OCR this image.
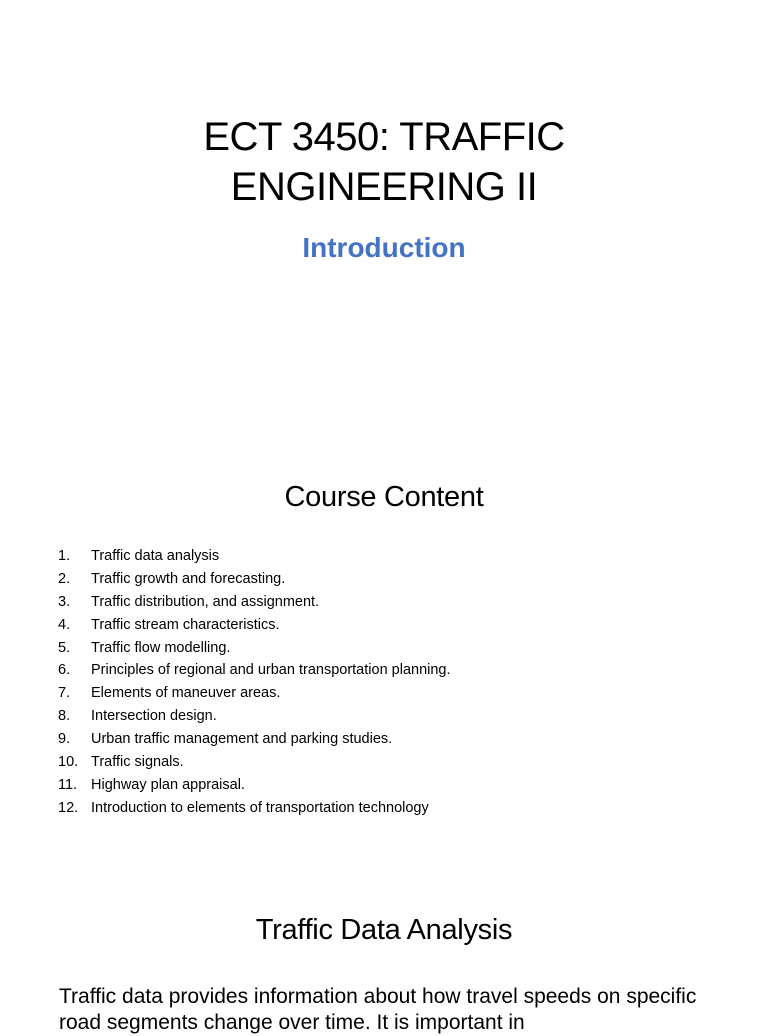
ECT 3450: TRAFFIC
ENGINEERING II
Introduction
Course Content
1. Traffic data analysis
2. Traffic growth and forecasting.
3. Traffic distribution, and assignment.
4. Traffic stream characteristics.
5. Traffic flow modelling.
6. Principles of regional and urban transportation planning.
7. Elements of maneuver areas.
8. Intersection design.
9. Urban traffic management and parking studies.
10. Traffic signals.
11. Highway plan appraisal.
12. Introduction to elements of transportation technology
Traffic Data Analysis

Traffic data provides information about how travel speeds on specific road segments change over time. It is important in
